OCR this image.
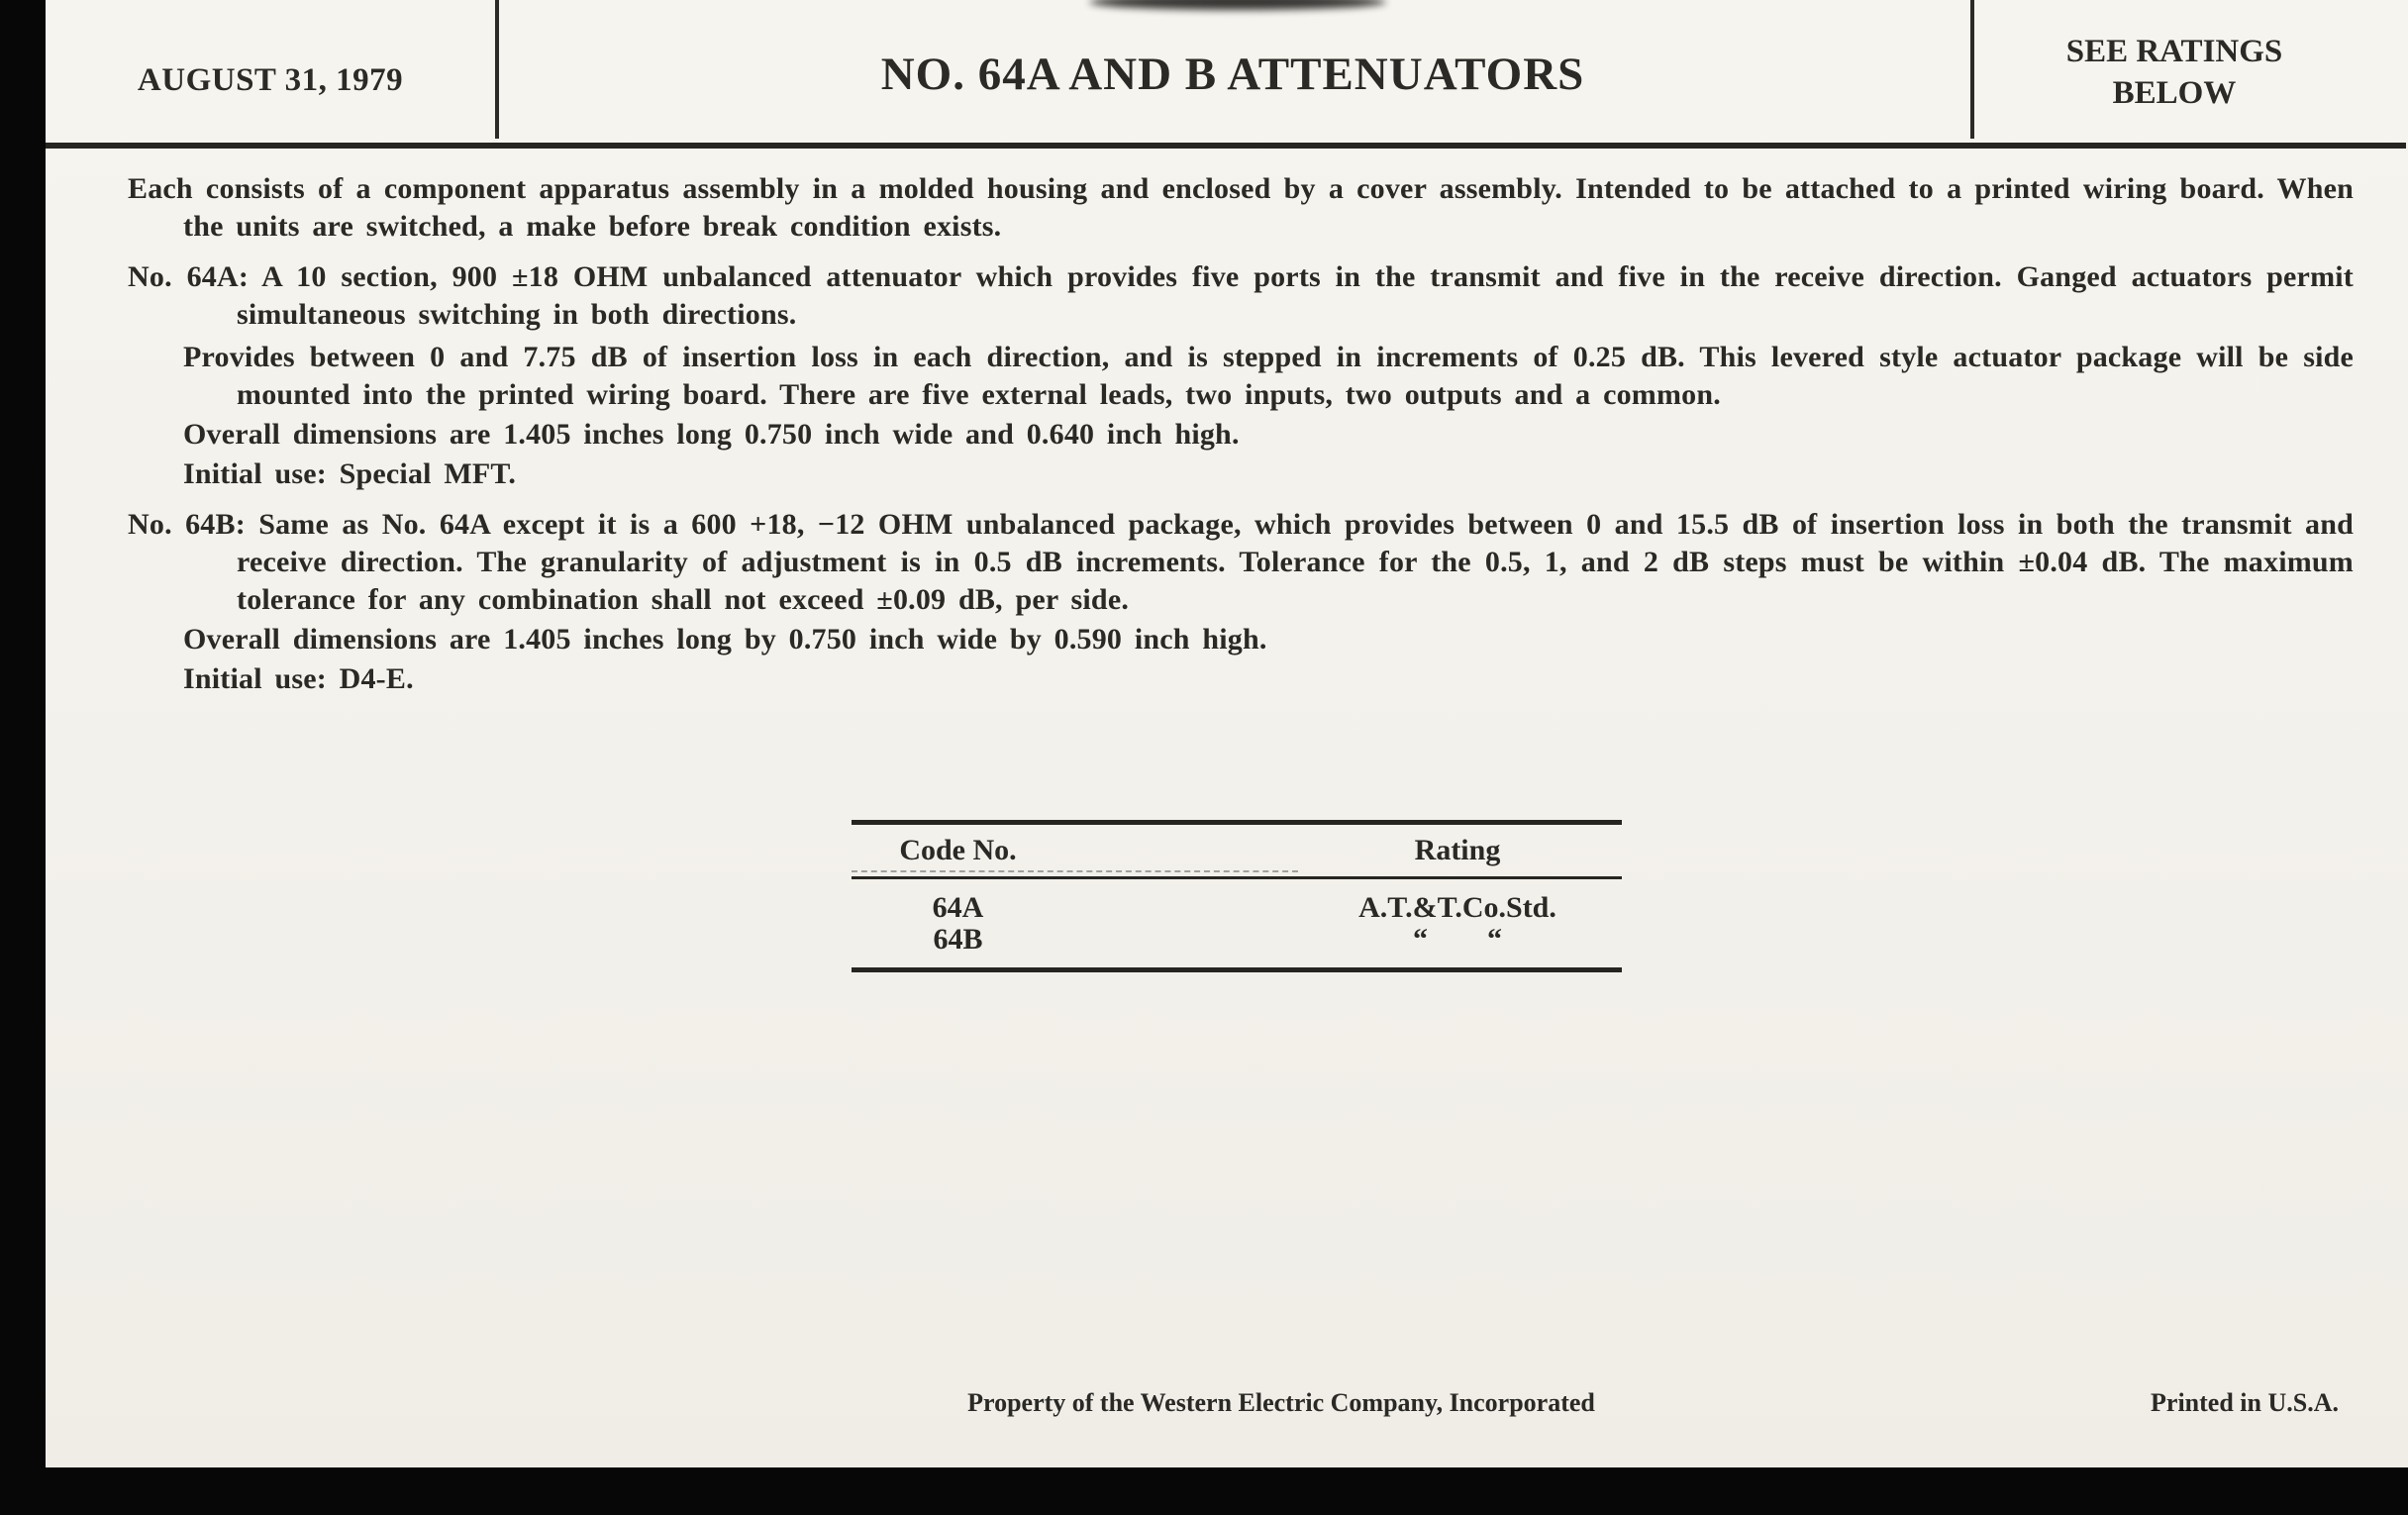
AUGUST 31, 1979	NO. 64A AND B ATTENUATORS	SEE RATINGS
BELOW

Each consists of a component apparatus assembly in a molded housing and enclosed by a cover assembly. Intended to be attached to a printed wiring board. When the units are switched, a make before break condition exists.

No. 64A: A 10 section, 900 ±18 OHM unbalanced attenuator which provides five ports in the transmit and five in the receive direction. Ganged actuators permit simultaneous switching in both directions.

Provides between 0 and 7.75 dB of insertion loss in each direction, and is stepped in increments of 0.25 dB. This levered style actuator package will be side mounted into the printed wiring board. There are five external leads, two inputs, two outputs and a common.

Overall dimensions are 1.405 inches long 0.750 inch wide and 0.640 inch high.

Initial use: Special MFT.

No. 64B: Same as No. 64A except it is a 600 +18, −12 OHM unbalanced package, which provides between 0 and 15.5 dB of insertion loss in both the transmit and receive direction. The granularity of adjustment is in 0.5 dB increments. Tolerance for the 0.5, 1, and 2 dB steps must be within ±0.04 dB. The maximum tolerance for any combination shall not exceed ±0.09 dB, per side.

Overall dimensions are 1.405 inches long by 0.750 inch wide by 0.590 inch high.

Initial use: D4-E.

Code No.	Rating
64A	A.T.&T.Co.Std.
64B	“        “
Property of the Western Electric Company, Incorporated	Printed in U.S.A.
